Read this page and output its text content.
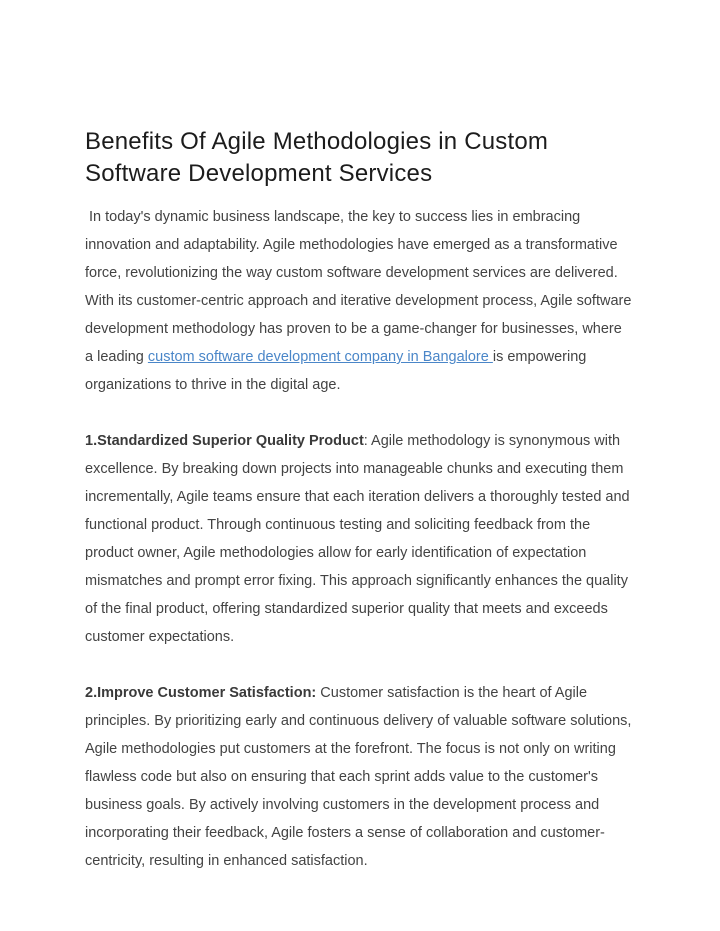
Benefits Of Agile Methodologies in Custom Software Development Services

In today's dynamic business landscape, the key to success lies in embracing innovation and adaptability. Agile methodologies have emerged as a transformative force, revolutionizing the way custom software development services are delivered. With its customer-centric approach and iterative development process, Agile software development methodology has proven to be a game-changer for businesses, where a leading custom software development company in Bangalore is empowering organizations to thrive in the digital age.

1.Standardized Superior Quality Product: Agile methodology is synonymous with excellence. By breaking down projects into manageable chunks and executing them incrementally, Agile teams ensure that each iteration delivers a thoroughly tested and functional product. Through continuous testing and soliciting feedback from the product owner, Agile methodologies allow for early identification of expectation mismatches and prompt error fixing. This approach significantly enhances the quality of the final product, offering standardized superior quality that meets and exceeds customer expectations.

2.Improve Customer Satisfaction: Customer satisfaction is the heart of Agile principles. By prioritizing early and continuous delivery of valuable software solutions, Agile methodologies put customers at the forefront. The focus is not only on writing flawless code but also on ensuring that each sprint adds value to the customer's business goals. By actively involving customers in the development process and incorporating their feedback, Agile fosters a sense of collaboration and customer-centricity, resulting in enhanced satisfaction.
